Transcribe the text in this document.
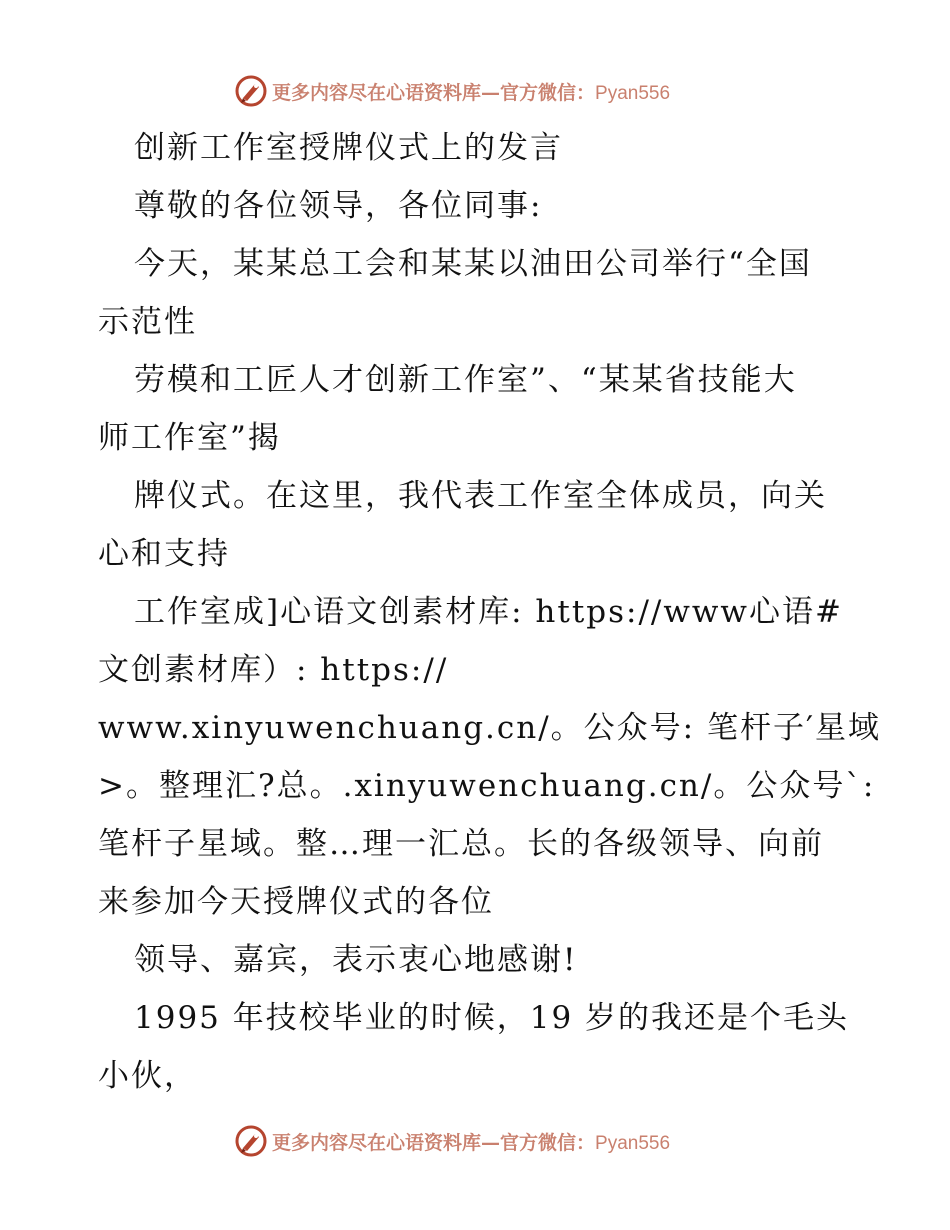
更多内容尽在心语资料库—官方微信：Pyan556
创新工作室授牌仪式上的发言
尊敬的各位领导，各位同事:
今天，某某总工会和某某以油田公司举行“全国
示范性
劳模和工匠人才创新工作室”、“某某省技能大
师工作室”揭
牌仪式。在这里，我代表工作室全体成员，向关
心和支持
工作室成]心语文创素材库: https://www心语#
文创素材库）: https://
www.xinyuwenchuang.cn/。公众号: 笔杆子′星域
>。整理汇?总。.xinyuwenchuang.cn/。公众号ˋ:
笔杆子星域。整…理一汇总。长的各级领导、向前
来参加今天授牌仪式的各位
领导、嘉宾，表示衷心地感谢!
1995 年技校毕业的时候，19 岁的我还是个毛头
小伙，
更多内容尽在心语资料库—官方微信：Pyan556
